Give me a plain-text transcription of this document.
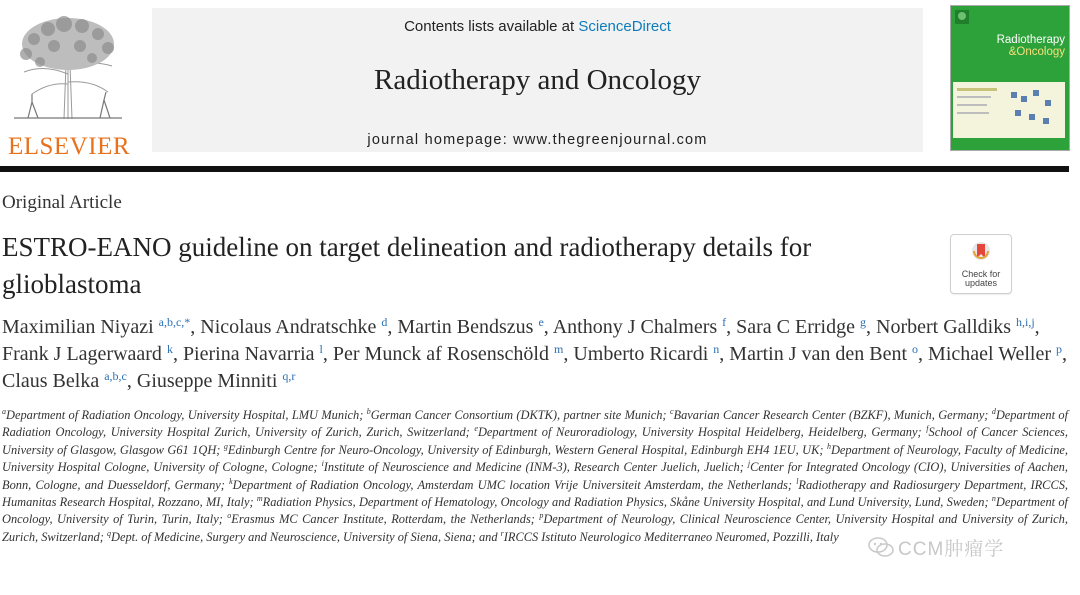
ELSEVIER
Contents lists available at ScienceDirect
Radiotherapy and Oncology
journal homepage: www.thegreenjournal.com
Radiotherapy
&Oncology
Original Article
ESTRO-EANO guideline on target delineation and radiotherapy details for glioblastoma	Check for
updates
Maximilian Niyazi $^{a,b,c,*}$, Nicolaus Andratschke $^d$, Martin Bendszus $^e$, Anthony J Chalmers $^f$, Sara C Erridge $^g$, Norbert Galldiks $^{h,i,j}$, Frank J Lagerwaard $^k$, Pierina Navarria $^l$, Per Munck af Rosenschöld $^m$, Umberto Ricardi $^n$, Martin J van den Bent $^o$, Michael Weller $^p$, Claus Belka $^{a,b,c}$, Giuseppe Minniti $^{q,r}$
$^a$Department of Radiation Oncology, University Hospital, LMU Munich; $^b$German Cancer Consortium (DKTK), partner site Munich; $^c$Bavarian Cancer Research Center (BZKF), Munich, Germany; $^d$Department of Radiation Oncology, University Hospital Zurich, University of Zurich, Zurich, Switzerland; $^e$Department of Neuroradiology, University Hospital Heidelberg, Heidelberg, Germany; $^f$School of Cancer Sciences, University of Glasgow, Glasgow G61 1QH; $^g$Edinburgh Centre for Neuro-Oncology, University of Edinburgh, Western General Hospital, Edinburgh EH4 1EU, UK; $^h$Department of Neurology, Faculty of Medicine, University Hospital Cologne, University of Cologne, Cologne; $^i$Institute of Neuroscience and Medicine (INM-3), Research Center Juelich, Juelich; $^j$Center for Integrated Oncology (CIO), Universities of Aachen, Bonn, Cologne, and Duesseldorf, Germany; $^k$Department of Radiation Oncology, Amsterdam UMC location Vrije Universiteit Amsterdam, the Netherlands; $^l$Radiotherapy and Radiosurgery Department, IRCCS, Humanitas Research Hospital, Rozzano, MI, Italy; $^m$Radiation Physics, Department of Hematology, Oncology and Radiation Physics, Skåne University Hospital, and Lund University, Lund, Sweden; $^n$Department of Oncology, University of Turin, Turin, Italy; $^o$Erasmus MC Cancer Institute, Rotterdam, the Netherlands; $^p$Department of Neurology, Clinical Neuroscience Center, University Hospital and University of Zurich, Zurich, Switzerland; $^q$Dept. of Medicine, Surgery and Neuroscience, University of Siena, Siena; and $^r$IRCCS Istituto Neurologico Mediterraneo Neuromed, Pozzilli, Italy
CCM肿瘤学
